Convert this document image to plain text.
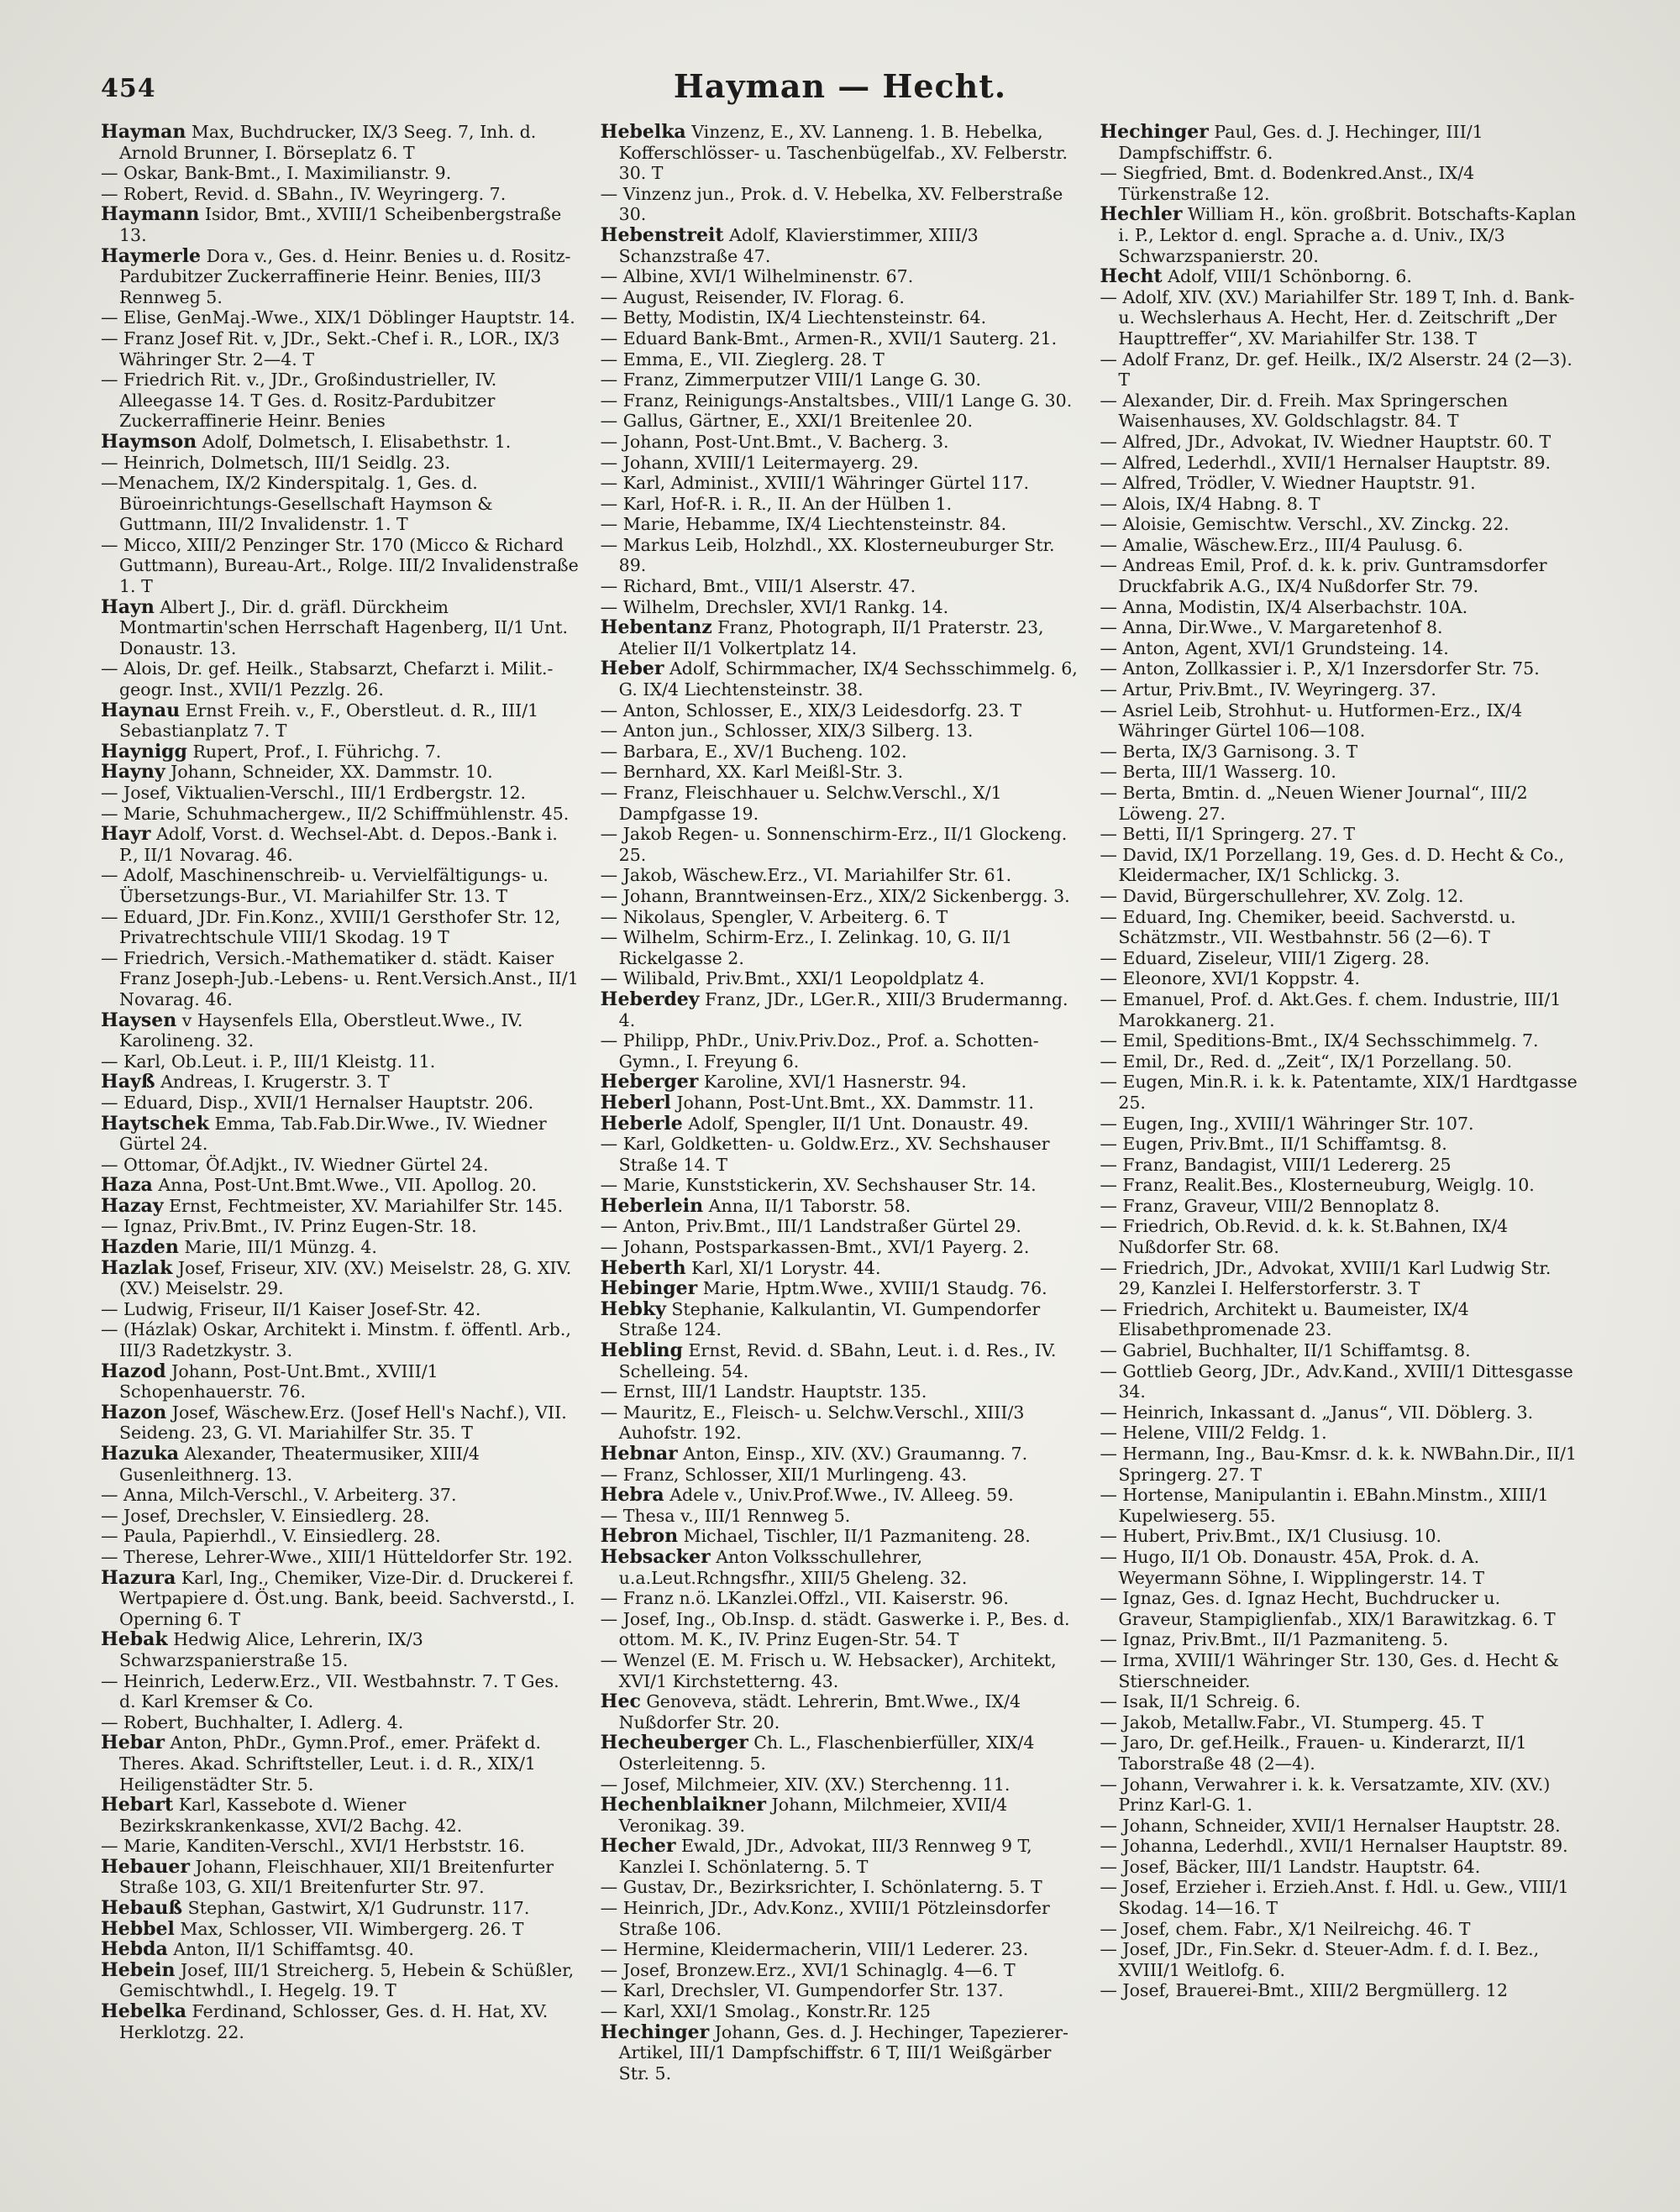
454	Hayman — Hecht.
Hayman Max, Buchdrucker, IX/3 Seeg. 7, Inh. d. Arnold Brunner, I. Börseplatz 6. T
— Oskar, Bank-Bmt., I. Maximilianstr. 9.
— Robert, Revid. d. SBahn., IV. Weyringerg. 7.
Haymann Isidor, Bmt., XVIII/1 Scheibenbergstraße 13.
Haymerle Dora v., Ges. d. Heinr. Benies u. d. Rositz-Pardubitzer Zuckerraffinerie Heinr. Benies, III/3 Rennweg 5.
— Elise, GenMaj.-Wwe., XIX/1 Döblinger Hauptstr. 14.
— Franz Josef Rit. v, JDr., Sekt.-Chef i. R., LOR., IX/3 Währinger Str. 2—4. T
— Friedrich Rit. v., JDr., Großindustrieller, IV. Alleegasse 14. T Ges. d. Rositz-Pardubitzer Zuckerraffinerie Heinr. Benies
Haymson Adolf, Dolmetsch, I. Elisabethstr. 1.
— Heinrich, Dolmetsch, III/1 Seidlg. 23.
—Menachem, IX/2 Kinderspitalg. 1, Ges. d. Büroeinrichtungs-Gesellschaft Haymson & Guttmann, III/2 Invalidenstr. 1. T
— Micco, XIII/2 Penzinger Str. 170 (Micco & Richard Guttmann), Bureau-Art., Rolge. III/2 Invalidenstraße 1. T
Hayn Albert J., Dir. d. gräfl. Dürckheim Montmartin'schen Herrschaft Hagenberg, II/1 Unt. Donaustr. 13.
— Alois, Dr. gef. Heilk., Stabsarzt, Chefarzt i. Milit.-geogr. Inst., XVII/1 Pezzlg. 26.
Haynau Ernst Freih. v., F., Oberstleut. d. R., III/1 Sebastianplatz 7. T
Haynigg Rupert, Prof., I. Führichg. 7.
Hayny Johann, Schneider, XX. Dammstr. 10.
— Josef, Viktualien-Verschl., III/1 Erdbergstr. 12.
— Marie, Schuhmachergew., II/2 Schiffmühlenstr. 45.
Hayr Adolf, Vorst. d. Wechsel-Abt. d. Depos.-Bank i. P., II/1 Novarag. 46.
— Adolf, Maschinenschreib- u. Vervielfältigungs- u. Übersetzungs-Bur., VI. Mariahilfer Str. 13. T
— Eduard, JDr. Fin.Konz., XVIII/1 Gersthofer Str. 12, Privatrechtschule VIII/1 Skodag. 19 T
— Friedrich, Versich.-Mathematiker d. städt. Kaiser Franz Joseph-Jub.-Lebens- u. Rent.Versich.Anst., II/1 Novarag. 46.
Haysen v Haysenfels Ella, Oberstleut.Wwe., IV. Karolineng. 32.
— Karl, Ob.Leut. i. P., III/1 Kleistg. 11.
Hayß Andreas, I. Krugerstr. 3. T
— Eduard, Disp., XVII/1 Hernalser Hauptstr. 206.
Haytschek Emma, Tab.Fab.Dir.Wwe., IV. Wiedner Gürtel 24.
— Ottomar, Öf.Adjkt., IV. Wiedner Gürtel 24.
Haza Anna, Post-Unt.Bmt.Wwe., VII. Apollog. 20.
Hazay Ernst, Fechtmeister, XV. Mariahilfer Str. 145.
— Ignaz, Priv.Bmt., IV. Prinz Eugen-Str. 18.
Hazden Marie, III/1 Münzg. 4.
Hazlak Josef, Friseur, XIV. (XV.) Meiselstr. 28, G. XIV. (XV.) Meiselstr. 29.
— Ludwig, Friseur, II/1 Kaiser Josef-Str. 42.
— (Házlak) Oskar, Architekt i. Minstm. f. öffentl. Arb., III/3 Radetzkystr. 3.
Hazod Johann, Post-Unt.Bmt., XVIII/1 Schopenhauerstr. 76.
Hazon Josef, Wäschew.Erz. (Josef Hell's Nachf.), VII. Seideng. 23, G. VI. Mariahilfer Str. 35. T
Hazuka Alexander, Theatermusiker, XIII/4 Gusenleithnerg. 13.
— Anna, Milch-Verschl., V. Arbeiterg. 37.
— Josef, Drechsler, V. Einsiedlerg. 28.
— Paula, Papierhdl., V. Einsiedlerg. 28.
— Therese, Lehrer-Wwe., XIII/1 Hütteldorfer Str. 192.
Hazura Karl, Ing., Chemiker, Vize-Dir. d. Druckerei f. Wertpapiere d. Öst.ung. Bank, beeid. Sachverstd., I. Operning 6. T
Hebak Hedwig Alice, Lehrerin, IX/3 Schwarzspanierstraße 15.
— Heinrich, Lederw.Erz., VII. Westbahnstr. 7. T Ges. d. Karl Kremser & Co.
— Robert, Buchhalter, I. Adlerg. 4.
Hebar Anton, PhDr., Gymn.Prof., emer. Präfekt d. Theres. Akad. Schriftsteller, Leut. i. d. R., XIX/1 Heiligenstädter Str. 5.
Hebart Karl, Kassebote d. Wiener Bezirkskrankenkasse, XVI/2 Bachg. 42.
— Marie, Kanditen-Verschl., XVI/1 Herbststr. 16.
Hebauer Johann, Fleischhauer, XII/1 Breitenfurter Straße 103, G. XII/1 Breitenfurter Str. 97.
Hebauß Stephan, Gastwirt, X/1 Gudrunstr. 117.
Hebbel Max, Schlosser, VII. Wimbergerg. 26. T
Hebda Anton, II/1 Schiffamtsg. 40.
Hebein Josef, III/1 Streicherg. 5, Hebein & Schüßler, Gemischtwhdl., I. Hegelg. 19. T
Hebelka Ferdinand, Schlosser, Ges. d. H. Hat, XV. Herklotzg. 22.
Hebelka Vinzenz, E., XV. Lanneng. 1. B. Hebelka, Kofferschlösser- u. Taschenbügelfab., XV. Felberstr. 30. T
— Vinzenz jun., Prok. d. V. Hebelka, XV. Felberstraße 30.
Hebenstreit Adolf, Klavierstimmer, XIII/3 Schanzstraße 47.
— Albine, XVI/1 Wilhelminenstr. 67.
— August, Reisender, IV. Florag. 6.
— Betty, Modistin, IX/4 Liechtensteinstr. 64.
— Eduard Bank-Bmt., Armen-R., XVII/1 Sauterg. 21.
— Emma, E., VII. Zieglerg. 28. T
— Franz, Zimmerputzer VIII/1 Lange G. 30.
— Franz, Reinigungs-Anstaltsbes., VIII/1 Lange G. 30.
— Gallus, Gärtner, E., XXI/1 Breitenlee 20.
— Johann, Post-Unt.Bmt., V. Bacherg. 3.
— Johann, XVIII/1 Leitermayerg. 29.
— Karl, Administ., XVIII/1 Währinger Gürtel 117.
— Karl, Hof-R. i. R., II. An der Hülben 1.
— Marie, Hebamme, IX/4 Liechtensteinstr. 84.
— Markus Leib, Holzhdl., XX. Klosterneuburger Str. 89.
— Richard, Bmt., VIII/1 Alserstr. 47.
— Wilhelm, Drechsler, XVI/1 Rankg. 14.
Hebentanz Franz, Photograph, II/1 Praterstr. 23, Atelier II/1 Volkertplatz 14.
Heber Adolf, Schirmmacher, IX/4 Sechsschimmelg. 6, G. IX/4 Liechtensteinstr. 38.
— Anton, Schlosser, E., XIX/3 Leidesdorfg. 23. T
— Anton jun., Schlosser, XIX/3 Silberg. 13.
— Barbara, E., XV/1 Bucheng. 102.
— Bernhard, XX. Karl Meißl-Str. 3.
— Franz, Fleischhauer u. Selchw.Verschl., X/1 Dampfgasse 19.
— Jakob Regen- u. Sonnenschirm-Erz., II/1 Glockeng. 25.
— Jakob, Wäschew.Erz., VI. Mariahilfer Str. 61.
— Johann, Branntweinsen-Erz., XIX/2 Sickenbergg. 3.
— Nikolaus, Spengler, V. Arbeiterg. 6. T
— Wilhelm, Schirm-Erz., I. Zelinkag. 10, G. II/1 Rickelgasse 2.
— Wilibald, Priv.Bmt., XXI/1 Leopoldplatz 4.
Heberdey Franz, JDr., LGer.R., XIII/3 Brudermanng. 4.
— Philipp, PhDr., Univ.Priv.Doz., Prof. a. Schotten-Gymn., I. Freyung 6.
Heberger Karoline, XVI/1 Hasnerstr. 94.
Heberl Johann, Post-Unt.Bmt., XX. Dammstr. 11.
Heberle Adolf, Spengler, II/1 Unt. Donaustr. 49.
— Karl, Goldketten- u. Goldw.Erz., XV. Sechshauser Straße 14. T
— Marie, Kunststickerin, XV. Sechshauser Str. 14.
Heberlein Anna, II/1 Taborstr. 58.
— Anton, Priv.Bmt., III/1 Landstraßer Gürtel 29.
— Johann, Postsparkassen-Bmt., XVI/1 Payerg. 2.
Heberth Karl, XI/1 Lorystr. 44.
Hebinger Marie, Hptm.Wwe., XVIII/1 Staudg. 76.
Hebky Stephanie, Kalkulantin, VI. Gumpendorfer Straße 124.
Hebling Ernst, Revid. d. SBahn, Leut. i. d. Res., IV. Schelleing. 54.
— Ernst, III/1 Landstr. Hauptstr. 135.
— Mauritz, E., Fleisch- u. Selchw.Verschl., XIII/3 Auhofstr. 192.
Hebnar Anton, Einsp., XIV. (XV.) Graumanng. 7.
— Franz, Schlosser, XII/1 Murlingeng. 43.
Hebra Adele v., Univ.Prof.Wwe., IV. Alleeg. 59.
— Thesa v., III/1 Rennweg 5.
Hebron Michael, Tischler, II/1 Pazmaniteng. 28.
Hebsacker Anton Volksschullehrer, u.a.Leut.Rchngsfhr., XIII/5 Gheleng. 32.
— Franz n.ö. LKanzlei.Offzl., VII. Kaiserstr. 96.
— Josef, Ing., Ob.Insp. d. städt. Gaswerke i. P., Bes. d. ottom. M. K., IV. Prinz Eugen-Str. 54. T
— Wenzel (E. M. Frisch u. W. Hebsacker), Architekt, XVI/1 Kirchstetterng. 43.
Hec Genoveva, städt. Lehrerin, Bmt.Wwe., IX/4 Nußdorfer Str. 20.
Hecheuberger Ch. L., Flaschenbierfüller, XIX/4 Osterleitenng. 5.
— Josef, Milchmeier, XIV. (XV.) Sterchenng. 11.
Hechenblaikner Johann, Milchmeier, XVII/4 Veronikag. 39.
Hecher Ewald, JDr., Advokat, III/3 Rennweg 9 T, Kanzlei I. Schönlaterng. 5. T
— Gustav, Dr., Bezirksrichter, I. Schönlaterng. 5. T
— Heinrich, JDr., Adv.Konz., XVIII/1 Pötzleinsdorfer Straße 106.
— Hermine, Kleidermacherin, VIII/1 Lederer. 23.
— Josef, Bronzew.Erz., XVI/1 Schinaglg. 4—6. T
— Karl, Drechsler, VI. Gumpendorfer Str. 137.
— Karl, XXI/1 Smolag., Konstr.Rr. 125
Hechinger Johann, Ges. d. J. Hechinger, Tapezierer-Artikel, III/1 Dampfschiffstr. 6 T, III/1 Weißgärber Str. 5.
Hechinger Paul, Ges. d. J. Hechinger, III/1 Dampfschiffstr. 6.
— Siegfried, Bmt. d. Bodenkred.Anst., IX/4 Türkenstraße 12.
Hechler William H., kön. großbrit. Botschafts-Kaplan i. P., Lektor d. engl. Sprache a. d. Univ., IX/3 Schwarzspanierstr. 20.
Hecht Adolf, VIII/1 Schönborng. 6.
— Adolf, XIV. (XV.) Mariahilfer Str. 189 T, Inh. d. Bank- u. Wechslerhaus A. Hecht, Her. d. Zeitschrift „Der Haupttreffer“, XV. Mariahilfer Str. 138. T
— Adolf Franz, Dr. gef. Heilk., IX/2 Alserstr. 24 (2—3). T
— Alexander, Dir. d. Freih. Max Springerschen Waisenhauses, XV. Goldschlagstr. 84. T
— Alfred, JDr., Advokat, IV. Wiedner Hauptstr. 60. T
— Alfred, Lederhdl., XVII/1 Hernalser Hauptstr. 89.
— Alfred, Trödler, V. Wiedner Hauptstr. 91.
— Alois, IX/4 Habng. 8. T
— Aloisie, Gemischtw. Verschl., XV. Zinckg. 22.
— Amalie, Wäschew.Erz., III/4 Paulusg. 6.
— Andreas Emil, Prof. d. k. k. priv. Guntramsdorfer Druckfabrik A.G., IX/4 Nußdorfer Str. 79.
— Anna, Modistin, IX/4 Alserbachstr. 10A.
— Anna, Dir.Wwe., V. Margaretenhof 8.
— Anton, Agent, XVI/1 Grundsteing. 14.
— Anton, Zollkassier i. P., X/1 Inzersdorfer Str. 75.
— Artur, Priv.Bmt., IV. Weyringerg. 37.
— Asriel Leib, Strohhut- u. Hutformen-Erz., IX/4 Währinger Gürtel 106—108.
— Berta, IX/3 Garnisong. 3. T
— Berta, III/1 Wasserg. 10.
— Berta, Bmtin. d. „Neuen Wiener Journal“, III/2 Löweng. 27.
— Betti, II/1 Springerg. 27. T
— David, IX/1 Porzellang. 19, Ges. d. D. Hecht & Co., Kleidermacher, IX/1 Schlickg. 3.
— David, Bürgerschullehrer, XV. Zolg. 12.
— Eduard, Ing. Chemiker, beeid. Sachverstd. u. Schätzmstr., VII. Westbahnstr. 56 (2—6). T
— Eduard, Ziseleur, VIII/1 Zigerg. 28.
— Eleonore, XVI/1 Koppstr. 4.
— Emanuel, Prof. d. Akt.Ges. f. chem. Industrie, III/1 Marokkanerg. 21.
— Emil, Speditions-Bmt., IX/4 Sechsschimmelg. 7.
— Emil, Dr., Red. d. „Zeit“, IX/1 Porzellang. 50.
— Eugen, Min.R. i. k. k. Patentamte, XIX/1 Hardtgasse 25.
— Eugen, Ing., XVIII/1 Währinger Str. 107.
— Eugen, Priv.Bmt., II/1 Schiffamtsg. 8.
— Franz, Bandagist, VIII/1 Ledererg. 25
— Franz, Realit.Bes., Klosterneuburg, Weiglg. 10.
— Franz, Graveur, VIII/2 Bennoplatz 8.
— Friedrich, Ob.Revid. d. k. k. St.Bahnen, IX/4 Nußdorfer Str. 68.
— Friedrich, JDr., Advokat, XVIII/1 Karl Ludwig Str. 29, Kanzlei I. Helferstorferstr. 3. T
— Friedrich, Architekt u. Baumeister, IX/4 Elisabethpromenade 23.
— Gabriel, Buchhalter, II/1 Schiffamtsg. 8.
— Gottlieb Georg, JDr., Adv.Kand., XVIII/1 Dittesgasse 34.
— Heinrich, Inkassant d. „Janus“, VII. Döblerg. 3.
— Helene, VIII/2 Feldg. 1.
— Hermann, Ing., Bau-Kmsr. d. k. k. NWBahn.Dir., II/1 Springerg. 27. T
— Hortense, Manipulantin i. EBahn.Minstm., XIII/1 Kupelwieserg. 55.
— Hubert, Priv.Bmt., IX/1 Clusiusg. 10.
— Hugo, II/1 Ob. Donaustr. 45A, Prok. d. A. Weyermann Söhne, I. Wipplingerstr. 14. T
— Ignaz, Ges. d. Ignaz Hecht, Buchdrucker u. Graveur, Stampiglienfab., XIX/1 Barawitzkag. 6. T
— Ignaz, Priv.Bmt., II/1 Pazmaniteng. 5.
— Irma, XVIII/1 Währinger Str. 130, Ges. d. Hecht & Stierschneider.
— Isak, II/1 Schreig. 6.
— Jakob, Metallw.Fabr., VI. Stumperg. 45. T
— Jaro, Dr. gef.Heilk., Frauen- u. Kinderarzt, II/1 Taborstraße 48 (2—4).
— Johann, Verwahrer i. k. k. Versatzamte, XIV. (XV.) Prinz Karl-G. 1.
— Johann, Schneider, XVII/1 Hernalser Hauptstr. 28.
— Johanna, Lederhdl., XVII/1 Hernalser Hauptstr. 89.
— Josef, Bäcker, III/1 Landstr. Hauptstr. 64.
— Josef, Erzieher i. Erzieh.Anst. f. Hdl. u. Gew., VIII/1 Skodag. 14—16. T
— Josef, chem. Fabr., X/1 Neilreichg. 46. T
— Josef, JDr., Fin.Sekr. d. Steuer-Adm. f. d. I. Bez., XVIII/1 Weitlofg. 6.
— Josef, Brauerei-Bmt., XIII/2 Bergmüllerg. 12
